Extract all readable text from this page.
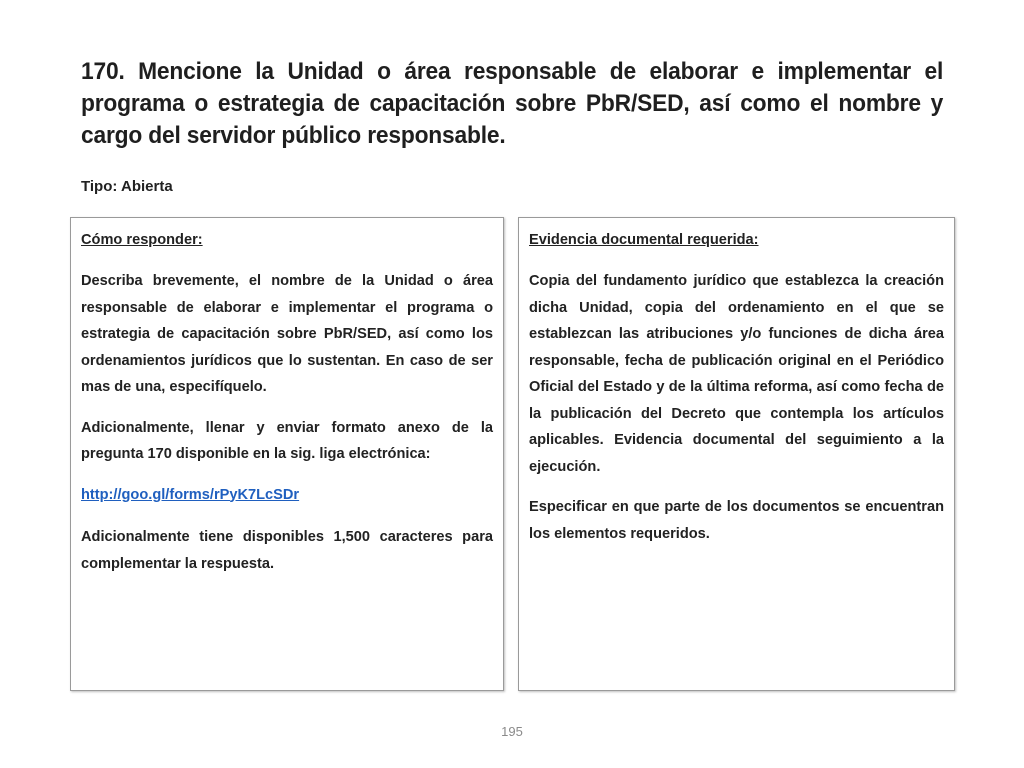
170. Mencione la Unidad o área responsable de elaborar e implementar el programa o estrategia de capacitación sobre PbR/SED, así como el nombre y cargo del servidor público responsable.
Tipo: Abierta
Cómo responder:

Describa brevemente, el nombre de la Unidad o área responsable de elaborar e implementar el programa o estrategia de capacitación sobre PbR/SED, así como los ordenamientos jurídicos que lo sustentan. En caso de ser mas de una, especifíquelo.

Adicionalmente, llenar y enviar formato anexo de la pregunta 170 disponible en la sig. liga electrónica:

http://goo.gl/forms/rPyK7LcSDr

Adicionalmente tiene disponibles 1,500 caracteres para complementar la respuesta.

Evidencia documental requerida:

Copia del fundamento jurídico que establezca la creación dicha Unidad, copia del ordenamiento en el que se establezcan las atribuciones y/o funciones de dicha área responsable, fecha de publicación original en el Periódico Oficial del Estado y de la última reforma, así como fecha de la publicación del Decreto que contempla los artículos aplicables. Evidencia documental del seguimiento a la ejecución.

Especificar en que parte de los documentos se encuentran los elementos requeridos.

195
